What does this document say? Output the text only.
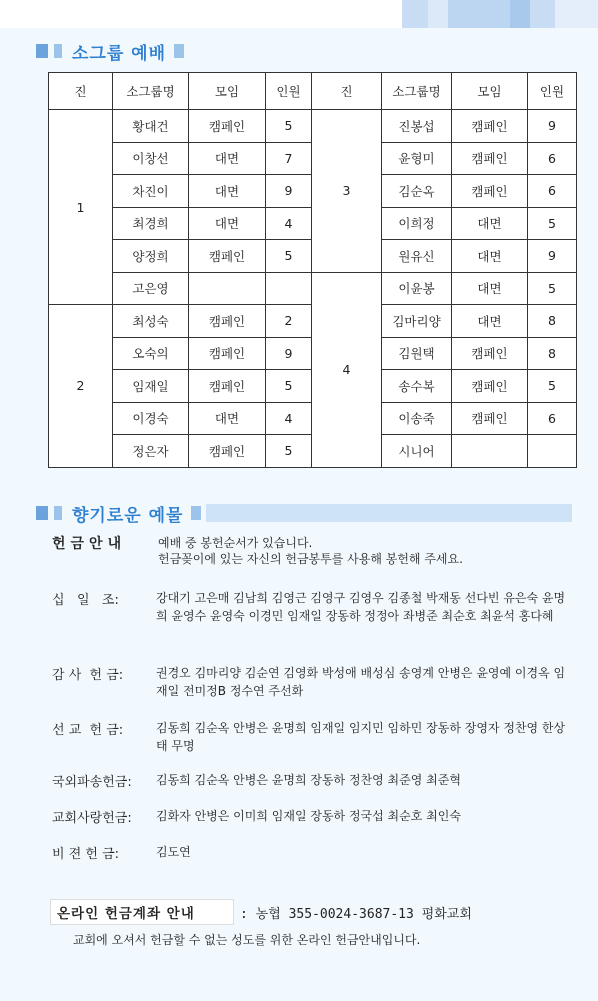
소그룹 예배
진	소그룹명	모임	인원	진	소그룹명	모임	인원
1	황대건	캠페인	5	3	진봉섭	캠페인	9
	이창선	대면	7		윤형미	캠페인	6
	차진이	대면	9		김순옥	캠페인	6
	최경희	대면	4		이희정	대면	5
	양정희	캠페인	5		원유신	대면	9
	고은영			4	이윤봉	대면	5
2	최성숙	캠페인	2		김마리양	대면	8
	오숙의	캠페인	9		김원택	캠페인	8
	임재일	캠페인	5		송수복	캠페인	5
	이경숙	대면	4		이송죽	캠페인	6
	정은자	캠페인	5		시니어		
향기로운 예물
헌금안내	예배 중 봉헌순서가 있습니다.
헌금꽂이에 있는 자신의 헌금봉투를 사용해 봉헌해 주세요.
십   일   조:	강대기 고은매 김남희 김영근 김영구 김영우 김종철 박재동 선다빈 유은숙 윤명희 윤영수 윤영숙 이경민 임재일 장동하 정정아 좌병준 최순호 최윤석 홍다혜
감 사  헌 금:	권경오 김마리양 김순연 김영화 박성애 배성심 송영계 안병은 윤영예 이경옥 임재일 전미정B 정수연 주선화
선 교  헌 금:	김동희 김순옥 안병은 윤명희 임재일 임지민 임하민 장동하 장영자 정찬영 한상태 무명
국외파송헌금:	김동희 김순옥 안병은 윤명희 장동하 정찬영 최준영 최준혁
교회사랑헌금:	김화자 안병은 이미희 임재일 장동하 정국섭 최순호 최인숙
비 젼 헌 금:	김도연
온라인 헌금계좌 안내	: 농협 355-0024-3687-13 평화교회
교회에 오셔서 헌금할 수 없는 성도를 위한 온라인 헌금안내입니다.
